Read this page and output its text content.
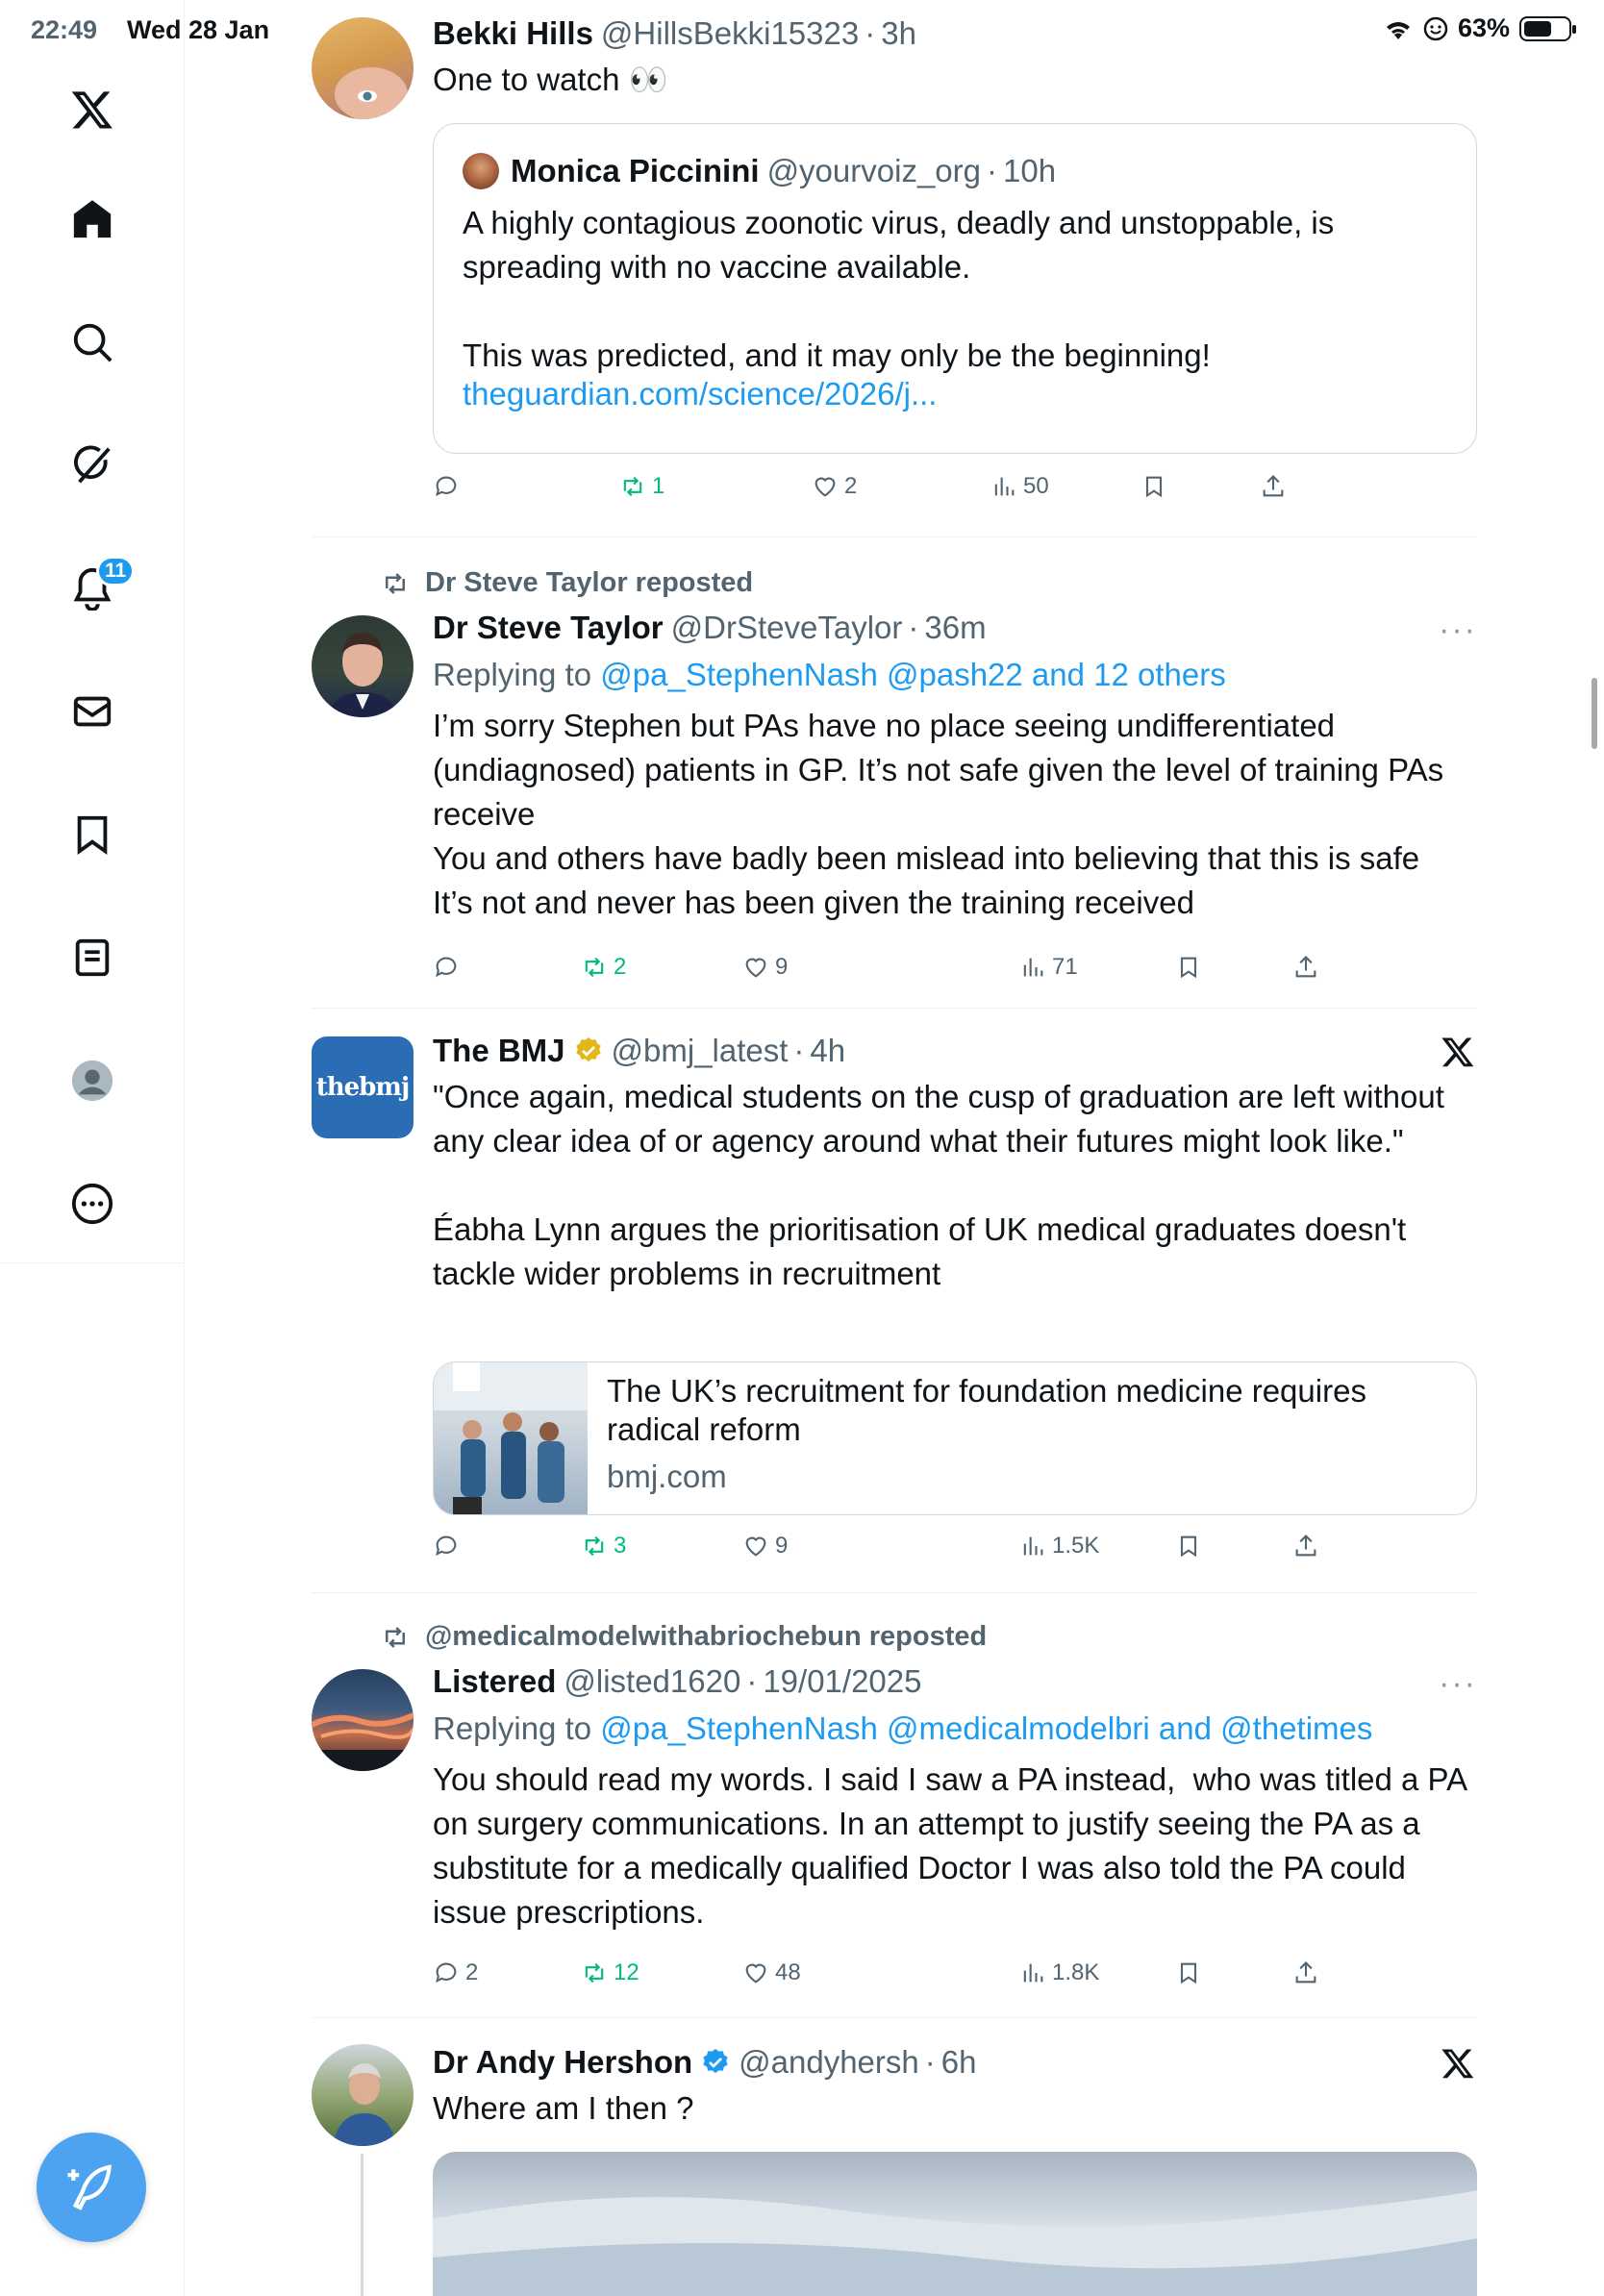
22:49 Wed 28 Jan	63%
11
Bekki Hills @HillsBekki15323 · 3h
One to watch 👀
Monica Piccinini @yourvoiz_org · 10h
A highly contagious zoonotic virus, deadly and unstoppable, is spreading with no vaccine available.

This was predicted, and it may only be the beginning!
theguardian.com/science/2026/j...
1	2	50
Dr Steve Taylor reposted
Dr Steve Taylor @DrSteveTaylor · 36m
Replying to @pa_StephenNash @pash22 and 12 others
I’m sorry Stephen but PAs have no place seeing undifferentiated (undiagnosed) patients in GP. It’s not safe given the level of training PAs receive
You and others have badly been mislead into believing that this is safe
It’s not and never has been given the training received
···
2	9	71
thebmj
The BMJ @bmj_latest · 4h
"Once again, medical students on the cusp of graduation are left without any clear idea of or agency around what their futures might look like."

Éabha Lynn argues the prioritisation of UK medical graduates doesn't tackle wider problems in recruitment
The UK’s recruitment for foundation medicine requires radical reform
bmj.com
3	9	1.5K
@medicalmodelwithabriochebun reposted
Listered @listed1620 · 19/01/2025
Replying to @pa_StephenNash @medicalmodelbri and @thetimes
You should read my words. I said I saw a PA instead,  who was titled a PA on surgery communications. In an attempt to justify seeing the PA as a substitute for a medically qualified Doctor I was also told the PA could issue prescriptions.
···
2	12	48	1.8K
Dr Andy Hershon @andyhersh · 6h
Where am I then ?
